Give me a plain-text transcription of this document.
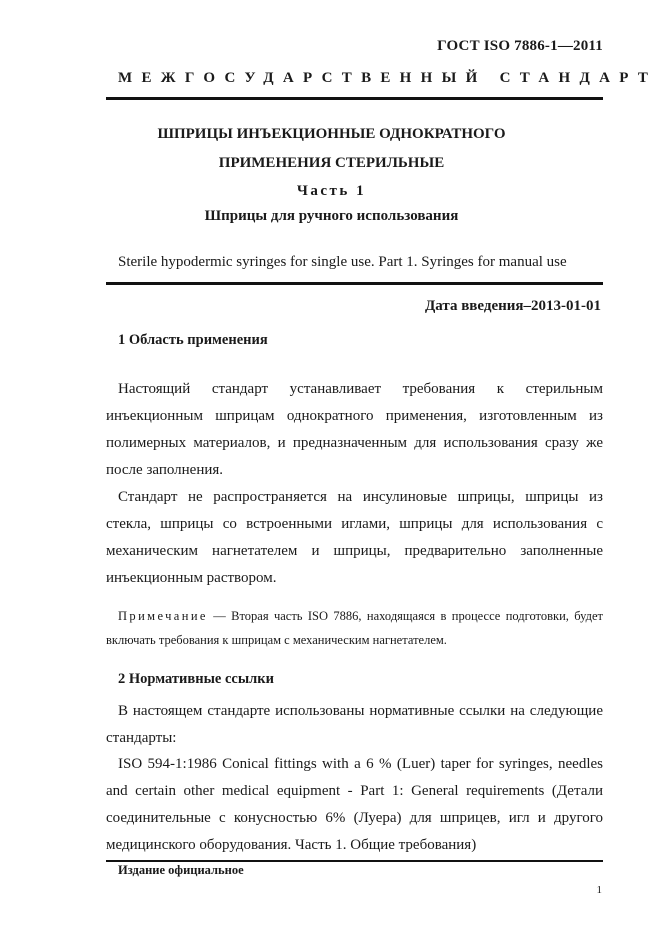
ГОСТ ISO 7886-1—2011
МЕЖГОСУДАРСТВЕННЫЙ СТАНДАРТ
ШПРИЦЫ ИНЪЕКЦИОННЫЕ ОДНОКРАТНОГО
ПРИМЕНЕНИЯ СТЕРИЛЬНЫЕ
Часть 1
Шприцы для ручного использования
Sterile hypodermic syringes for single use. Part 1. Syringes for manual use
Дата введения–2013-01-01
1 Область применения
Настоящий стандарт устанавливает требования к стерильным инъекционным шприцам однократного применения, изготовленным из полимерных материалов, и предназначенным для использования сразу же после заполнения.
Стандарт не распространяется на инсулиновые шприцы, шприцы из стекла, шприцы со встроенными иглами, шприцы для использования с механическим нагнетателем и шприцы, предварительно заполненные инъекционным раствором.
Примечание — Вторая часть ISO 7886, находящаяся в процессе подготовки, будет включать требования к шприцам с механическим нагнетателем.
2 Нормативные ссылки
В настоящем стандарте использованы нормативные ссылки на следующие стандарты:
ISO 594-1:1986 Conical fittings with a 6 % (Luer) taper for syringes, needles and certain other medical equipment - Part 1: General requirements (Детали соединительные с конусностью 6% (Луера) для шприцев, игл и другого медицинского оборудования. Часть 1. Общие требования)
Издание официальное
1
